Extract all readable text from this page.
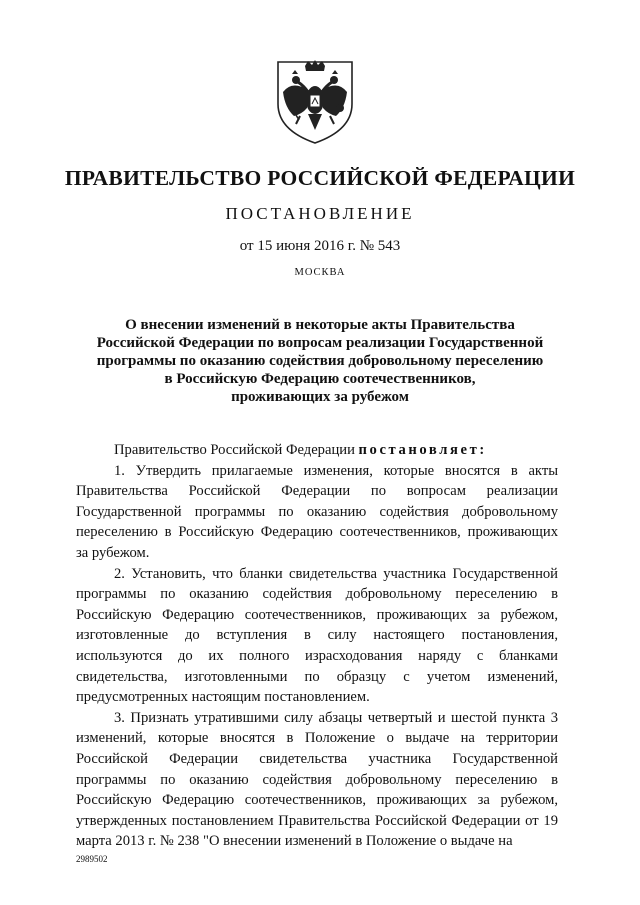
ПРАВИТЕЛЬСТВО РОССИЙСКОЙ ФЕДЕРАЦИИ
ПОСТАНОВЛЕНИЕ
от 15 июня 2016 г. № 543
МОСКВА
О внесении изменений в некоторые акты Правительства
Российской Федерации по вопросам реализации Государственной
программы по оказанию содействия добровольному переселению
в Российскую Федерацию соотечественников,
проживающих за рубежом

Правительство Российской Федерации постановляет:

1. Утвердить прилагаемые изменения, которые вносятся в акты Правительства Российской Федерации по вопросам реализации Государственной программы по оказанию содействия добровольному переселению в Российскую Федерацию соотечественников, проживающих за рубежом.

2. Установить, что бланки свидетельства участника Государственной программы по оказанию содействия добровольному переселению в Российскую Федерацию соотечественников, проживающих за рубежом, изготовленные до вступления в силу настоящего постановления, используются до их полного израсходования наряду с бланками свидетельства, изготовленными по образцу с учетом изменений, предусмотренных настоящим постановлением.

3. Признать утратившими силу абзацы четвертый и шестой пункта 3 изменений, которые вносятся в Положение о выдаче на территории Российской Федерации свидетельства участника Государственной программы по оказанию содействия добровольному переселению в Российскую Федерацию соотечественников, проживающих за рубежом, утвержденных постановлением Правительства Российской Федерации от 19 марта 2013 г. № 238 "О внесении изменений в Положение о выдаче на

2989502
